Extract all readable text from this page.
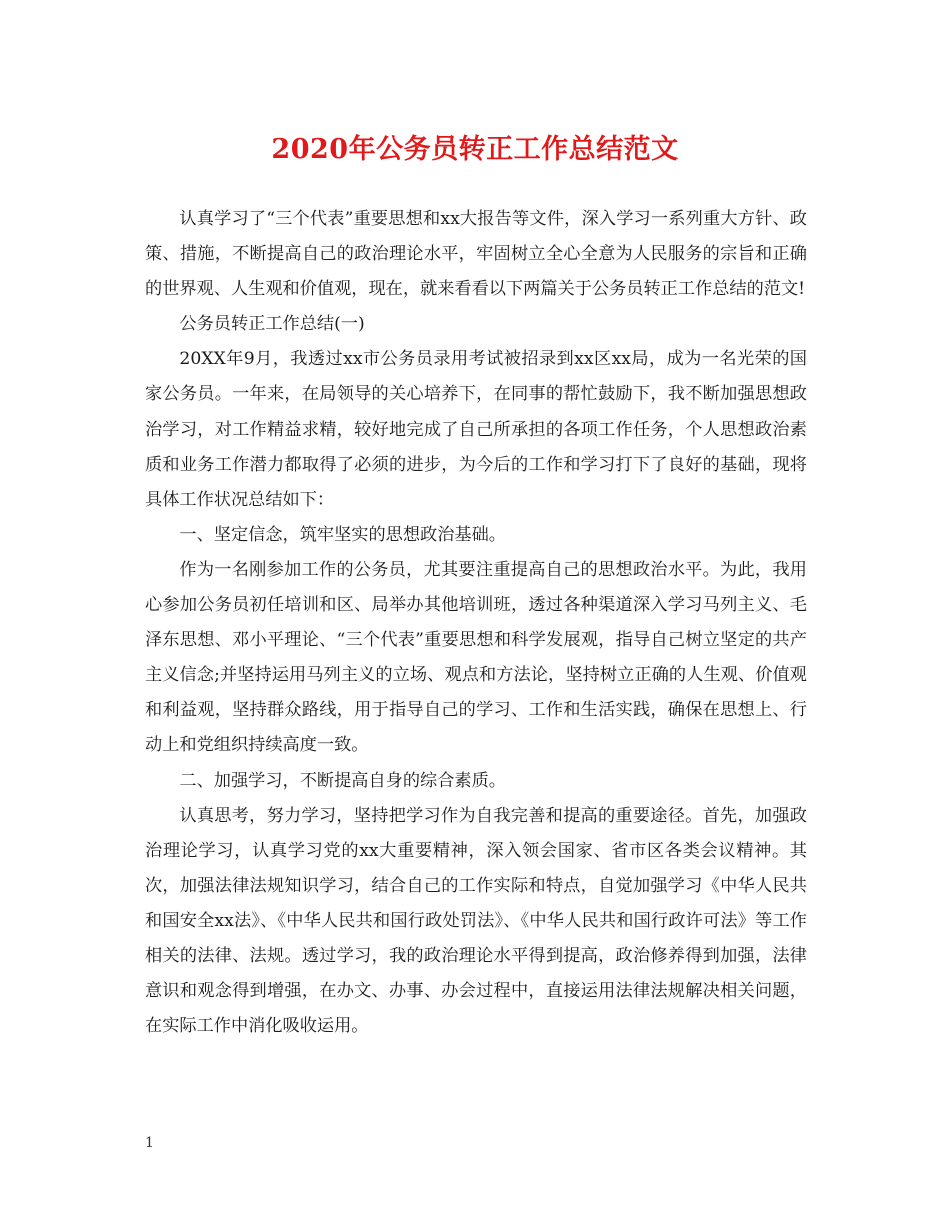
2020年公务员转正工作总结范文

认真学习了“三个代表”重要思想和xx大报告等文件，深入学习一系列重大方针、政策、措施，不断提高自己的政治理论水平，牢固树立全心全意为人民服务的宗旨和正确的世界观、人生观和价值观，现在，就来看看以下两篇关于公务员转正工作总结的范文!

公务员转正工作总结(一)

20XX年9月，我透过xx市公务员录用考试被招录到xx区xx局，成为一名光荣的国家公务员。一年来，在局领导的关心培养下，在同事的帮忙鼓励下，我不断加强思想政治学习，对工作精益求精，较好地完成了自己所承担的各项工作任务，个人思想政治素质和业务工作潜力都取得了必须的进步，为今后的工作和学习打下了良好的基础，现将具体工作状况总结如下：

一、坚定信念，筑牢坚实的思想政治基础。

作为一名刚参加工作的公务员，尤其要注重提高自己的思想政治水平。为此，我用心参加公务员初任培训和区、局举办其他培训班，透过各种渠道深入学习马列主义、毛泽东思想、邓小平理论、“三个代表”重要思想和科学发展观，指导自己树立坚定的共产主义信念;并坚持运用马列主义的立场、观点和方法论，坚持树立正确的人生观、价值观和利益观，坚持群众路线，用于指导自己的学习、工作和生活实践，确保在思想上、行动上和党组织持续高度一致。

二、加强学习，不断提高自身的综合素质。

认真思考，努力学习，坚持把学习作为自我完善和提高的重要途径。首先，加强政治理论学习，认真学习党的xx大重要精神，深入领会国家、省市区各类会议精神。其次，加强法律法规知识学习，结合自己的工作实际和特点，自觉加强学习《中华人民共和国安全xx法》、《中华人民共和国行政处罚法》、《中华人民共和国行政许可法》等工作相关的法律、法规。透过学习，我的政治理论水平得到提高，政治修养得到加强，法律意识和观念得到增强，在办文、办事、办会过程中，直接运用法律法规解决相关问题，在实际工作中消化吸收运用。

1
